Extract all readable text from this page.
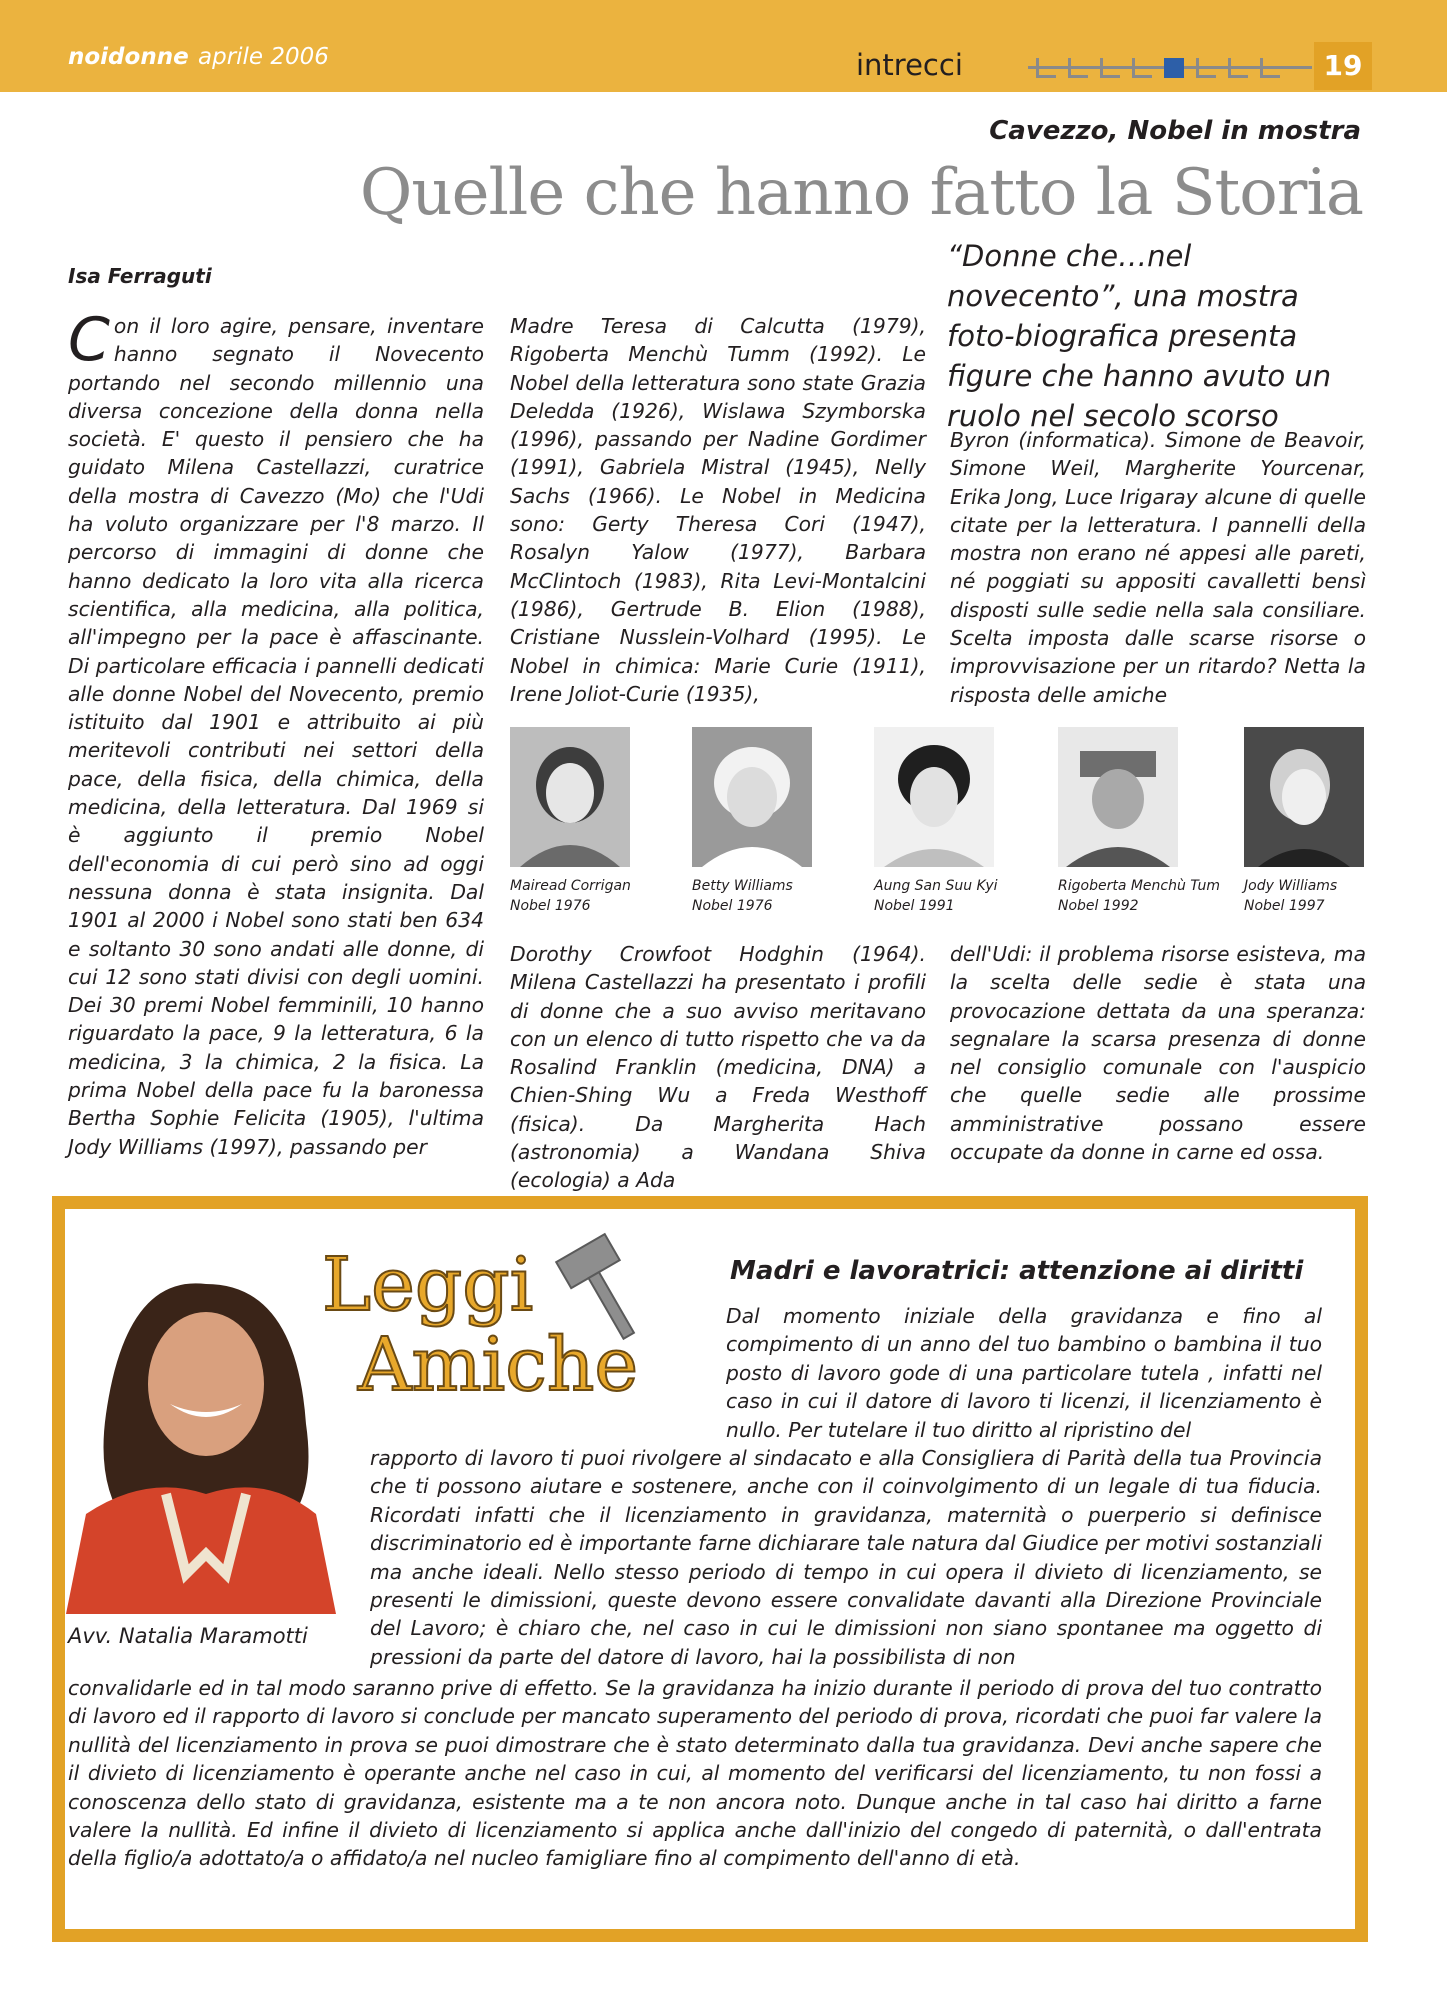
noidonne aprile 2006	intrecci	19
Cavezzo, Nobel in mostra
Quelle che hanno fatto la Storia
Isa Ferraguti
“Donne che…nel novecento”, una mostra foto-biografica presenta figure che hanno avuto un ruolo nel secolo scorso
Con il loro agire, pensare, inventare hanno segnato il Novecento portando nel secondo millennio una diversa concezione della donna nella società. E' questo il pensiero che ha guidato Milena Castellazzi, curatrice della mostra di Cavezzo (Mo) che l'Udi ha voluto organizzare per l'8 marzo. Il percorso di immagini di donne che hanno dedicato la loro vita alla ricerca scientifica, alla medicina, alla politica, all'impegno per la pace è affascinante. Di particolare efficacia i pannelli dedicati alle donne Nobel del Novecento, premio istituito dal 1901 e attribuito ai più meritevoli contributi nei settori della pace, della fisica, della chimica, della medicina, della letteratura. Dal 1969 si è aggiunto il premio Nobel dell'economia di cui però sino ad oggi nessuna donna è stata insignita. Dal 1901 al 2000 i Nobel sono stati ben 634 e soltanto 30 sono andati alle donne, di cui 12 sono stati divisi con degli uomini. Dei 30 premi Nobel femminili, 10 hanno riguardato la pace, 9 la letteratura, 6 la medicina, 3 la chimica, 2 la fisica. La prima Nobel della pace fu la baronessa Bertha Sophie Felicita (1905), l'ultima Jody Williams (1997), passando per
Madre Teresa di Calcutta (1979), Rigoberta Menchù Tumm (1992). Le Nobel della letteratura sono state Grazia Deledda (1926), Wislawa Szymborska (1996), passando per Nadine Gordimer (1991), Gabriela Mistral (1945), Nelly Sachs (1966). Le Nobel in Medicina sono: Gerty Theresa Cori (1947), Rosalyn Yalow (1977), Barbara McClintoch (1983), Rita Levi-Montalcini (1986), Gertrude B. Elion (1988), Cristiane Nusslein-Volhard (1995). Le Nobel in chimica: Marie Curie (1911), Irene Joliot-Curie (1935),
Dorothy Crowfoot Hodghin (1964). Milena Castellazzi ha presentato i profili di donne che a suo avviso meritavano con un elenco di tutto rispetto che va da Rosalind Franklin (medicina, DNA) a Chien-Shing Wu a Freda Westhoff (fisica). Da Margherita Hach (astronomia) a Wandana Shiva (ecologia) a Ada
Byron (informatica). Simone de Beavoir, Simone Weil, Margherite Yourcenar, Erika Jong, Luce Irigaray alcune di quelle citate per la letteratura. I pannelli della mostra non erano né appesi alle pareti, né poggiati su appositi cavalletti bensì disposti sulle sedie nella sala consiliare. Scelta imposta dalle scarse risorse o improvvisazione per un ritardo? Netta la risposta delle amiche
dell'Udi: il problema risorse esisteva, ma la scelta delle sedie è stata una provocazione dettata da una speranza: segnalare la scarsa presenza di donne nel consiglio comunale con l'auspicio che quelle sedie alle prossime amministrative possano essere occupate da donne in carne ed ossa.
Mairead Corrigan
Nobel 1976
Betty Williams
Nobel 1976
Aung San Suu Kyi
Nobel 1991
Rigoberta Menchù Tum
Nobel 1992
Jody Williams
Nobel 1997
Avv. Natalia Maramotti
Leggi
Amiche
Madri e lavoratrici: attenzione ai diritti
Dal momento iniziale della gravidanza e fino al compimento di un anno del tuo bambino o bambina il tuo posto di lavoro gode di una particolare tutela , infatti nel caso in cui il datore di lavoro ti licenzi, il licenziamento è nullo. Per tutelare il tuo diritto al ripristino del
rapporto di lavoro ti puoi rivolgere al sindacato e alla Consigliera di Parità della tua Provincia che ti possono aiutare e sostenere, anche con il coinvolgimento di un legale di tua fiducia. Ricordati infatti che il licenziamento in gravidanza, maternità o puerperio si definisce discriminatorio ed è importante farne dichiarare tale natura dal Giudice per motivi sostanziali ma anche ideali. Nello stesso periodo di tempo in cui opera il divieto di licenziamento, se presenti le dimissioni, queste devono essere convalidate davanti alla Direzione Provinciale del Lavoro; è chiaro che, nel caso in cui le dimissioni non siano spontanee ma oggetto di pressioni da parte del datore di lavoro, hai la possibilista di non
convalidarle ed in tal modo saranno prive di effetto. Se la gravidanza ha inizio durante il periodo di prova del tuo contratto di lavoro ed il rapporto di lavoro si conclude per mancato superamento del periodo di prova, ricordati che puoi far valere la nullità del licenziamento in prova se puoi dimostrare che è stato determinato dalla tua gravidanza. Devi anche sapere che il divieto di licenziamento è operante anche nel caso in cui, al momento del verificarsi del licenziamento, tu non fossi a conoscenza dello stato di gravidanza, esistente ma a te non ancora noto. Dunque anche in tal caso hai diritto a farne valere la nullità. Ed infine il divieto di licenziamento si applica anche dall'inizio del congedo di paternità, o dall'entrata della figlio/a adottato/a o affidato/a nel nucleo famigliare fino al compimento dell'anno di età.
